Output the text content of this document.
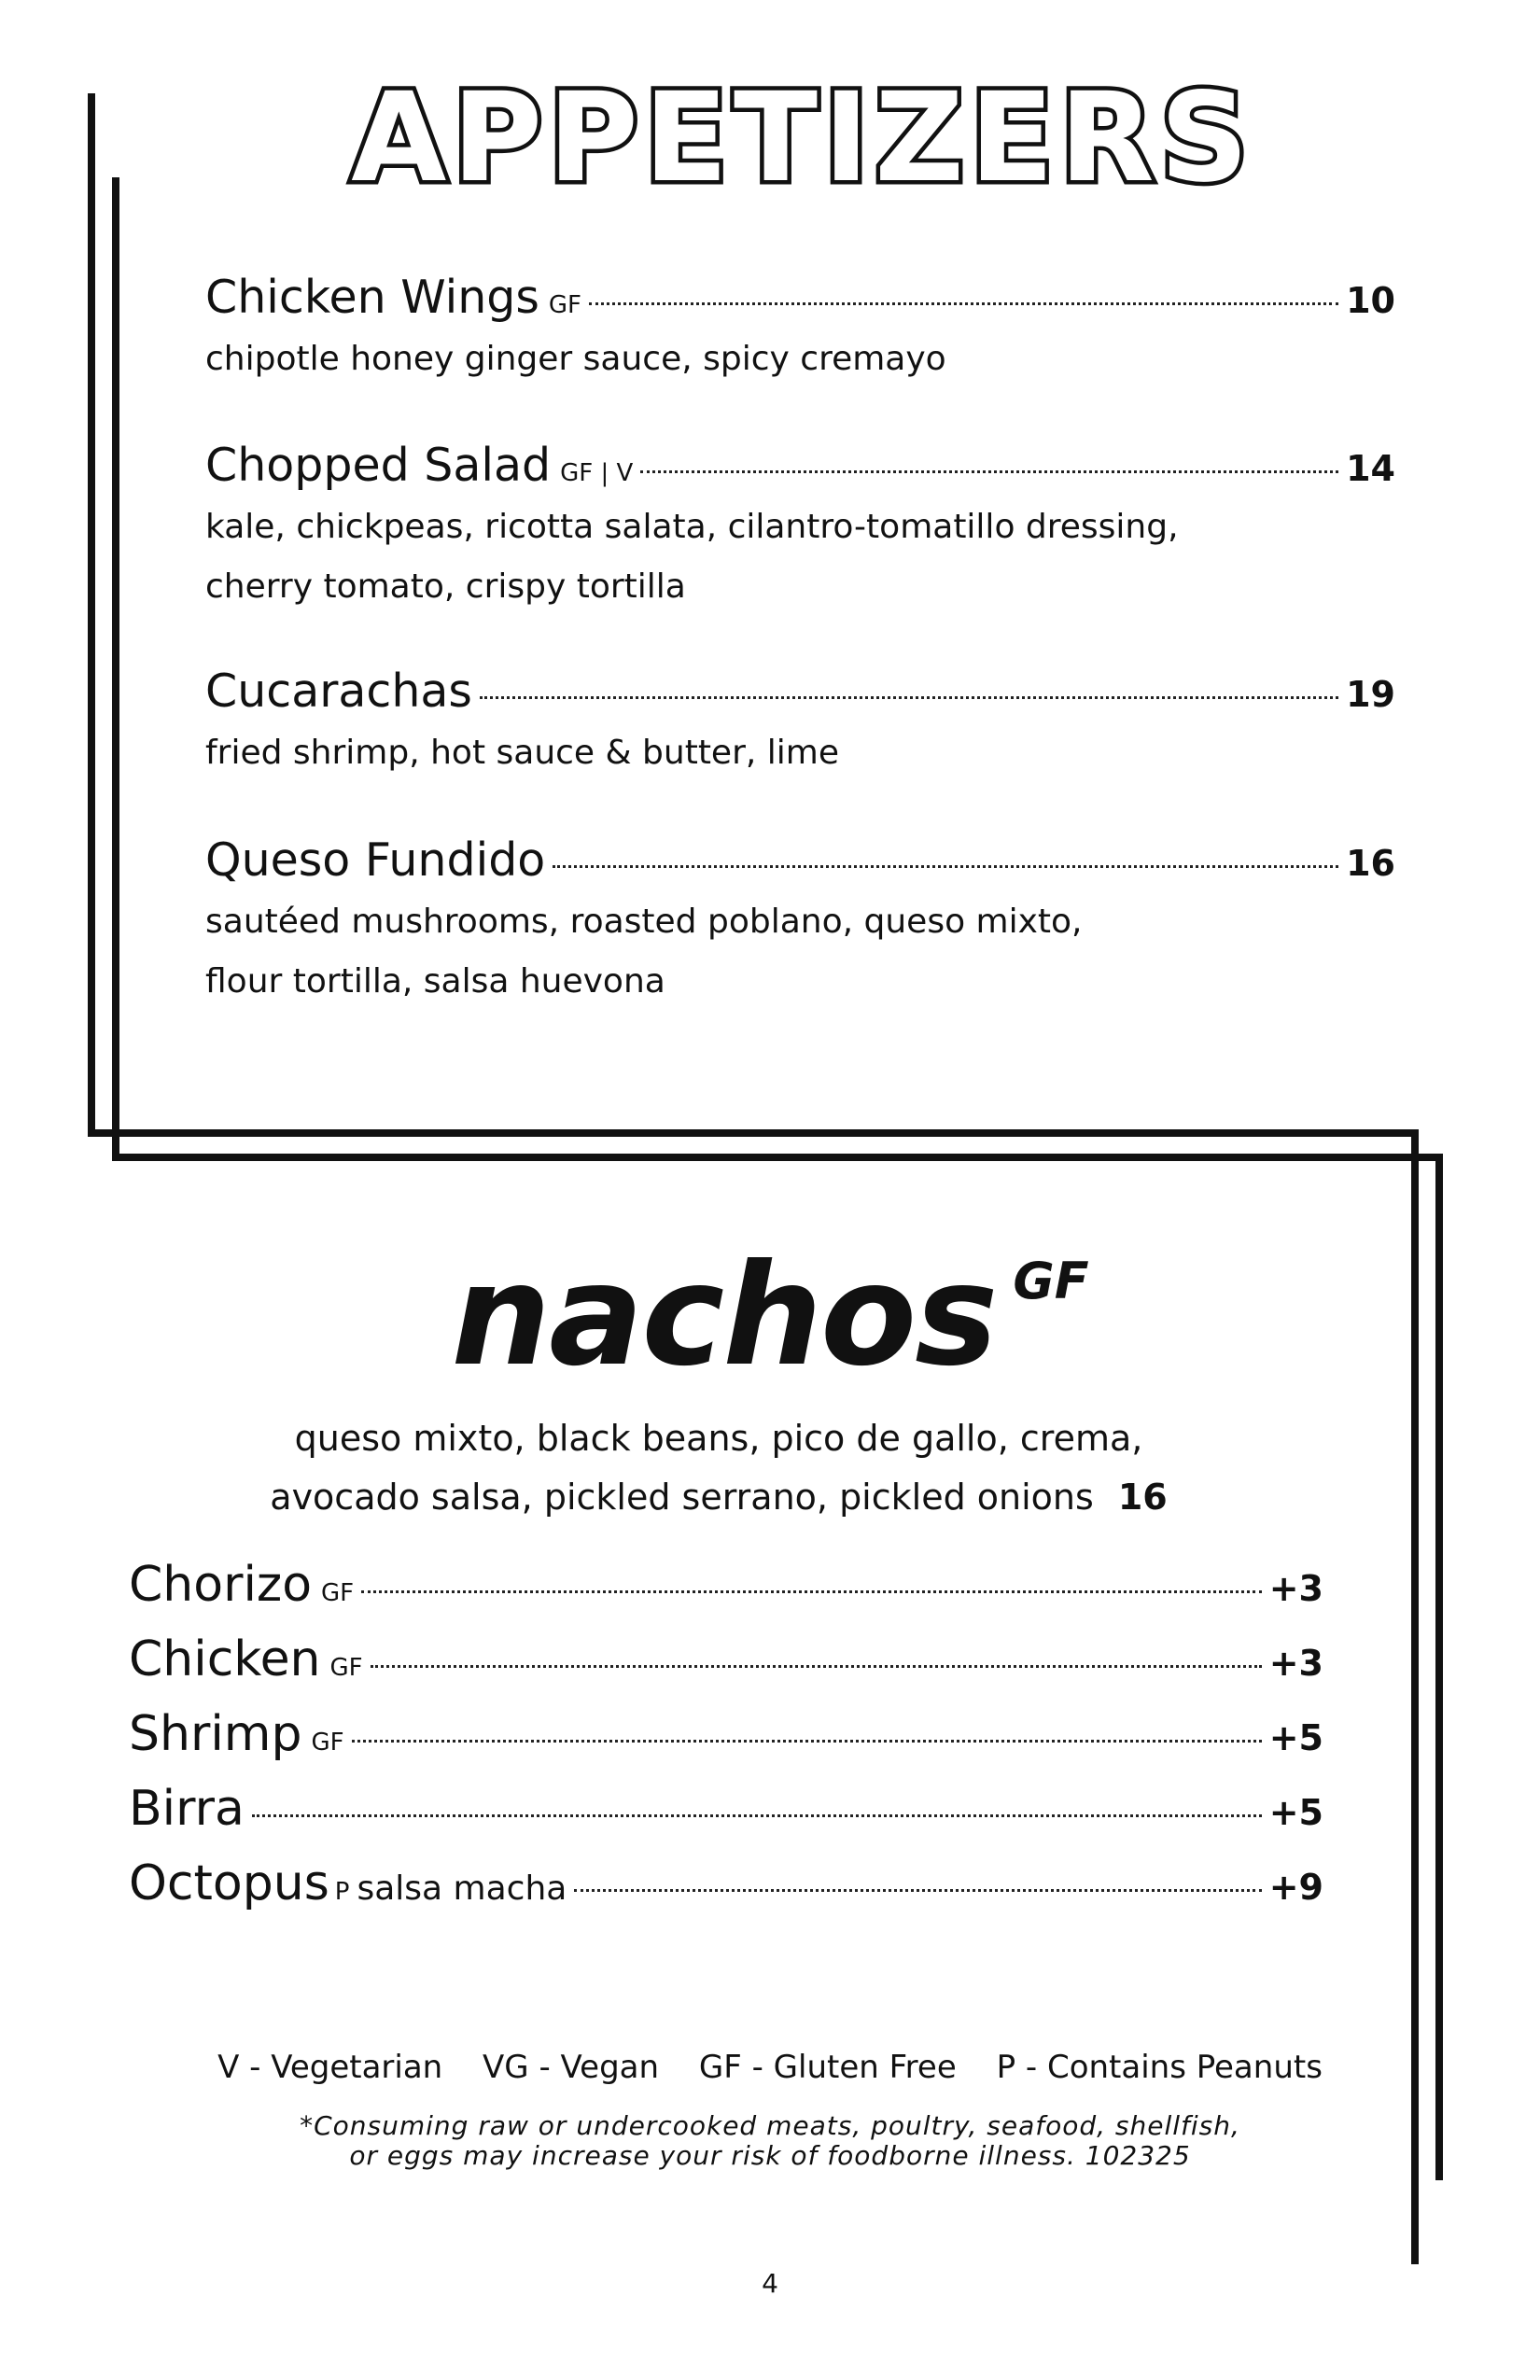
APPETIZERS
Chicken Wings GF	10
chipotle honey ginger sauce, spicy cremayo
Chopped Salad GF | V	14
kale, chickpeas, ricotta salata, cilantro-tomatillo dressing,
cherry tomato, crispy tortilla
Cucarachas	19
fried shrimp, hot sauce & butter, lime
Queso Fundido	16
sautéed mushrooms, roasted poblano, queso mixto,
flour tortilla, salsa huevona
nachos $^{GF}$
queso mixto, black beans, pico de gallo, crema,
avocado salsa, pickled serrano, pickled onions 16
Chorizo GF	+3
Chicken GF	+3
Shrimp GF	+5
Birra	+5
Octopus P salsa macha	+9
V - Vegetarian VG - Vegan GF - Gluten Free P - Contains Peanuts
*Consuming raw or undercooked meats, poultry, seafood, shellfish,
or eggs may increase your risk of foodborne illness. 102325
4
